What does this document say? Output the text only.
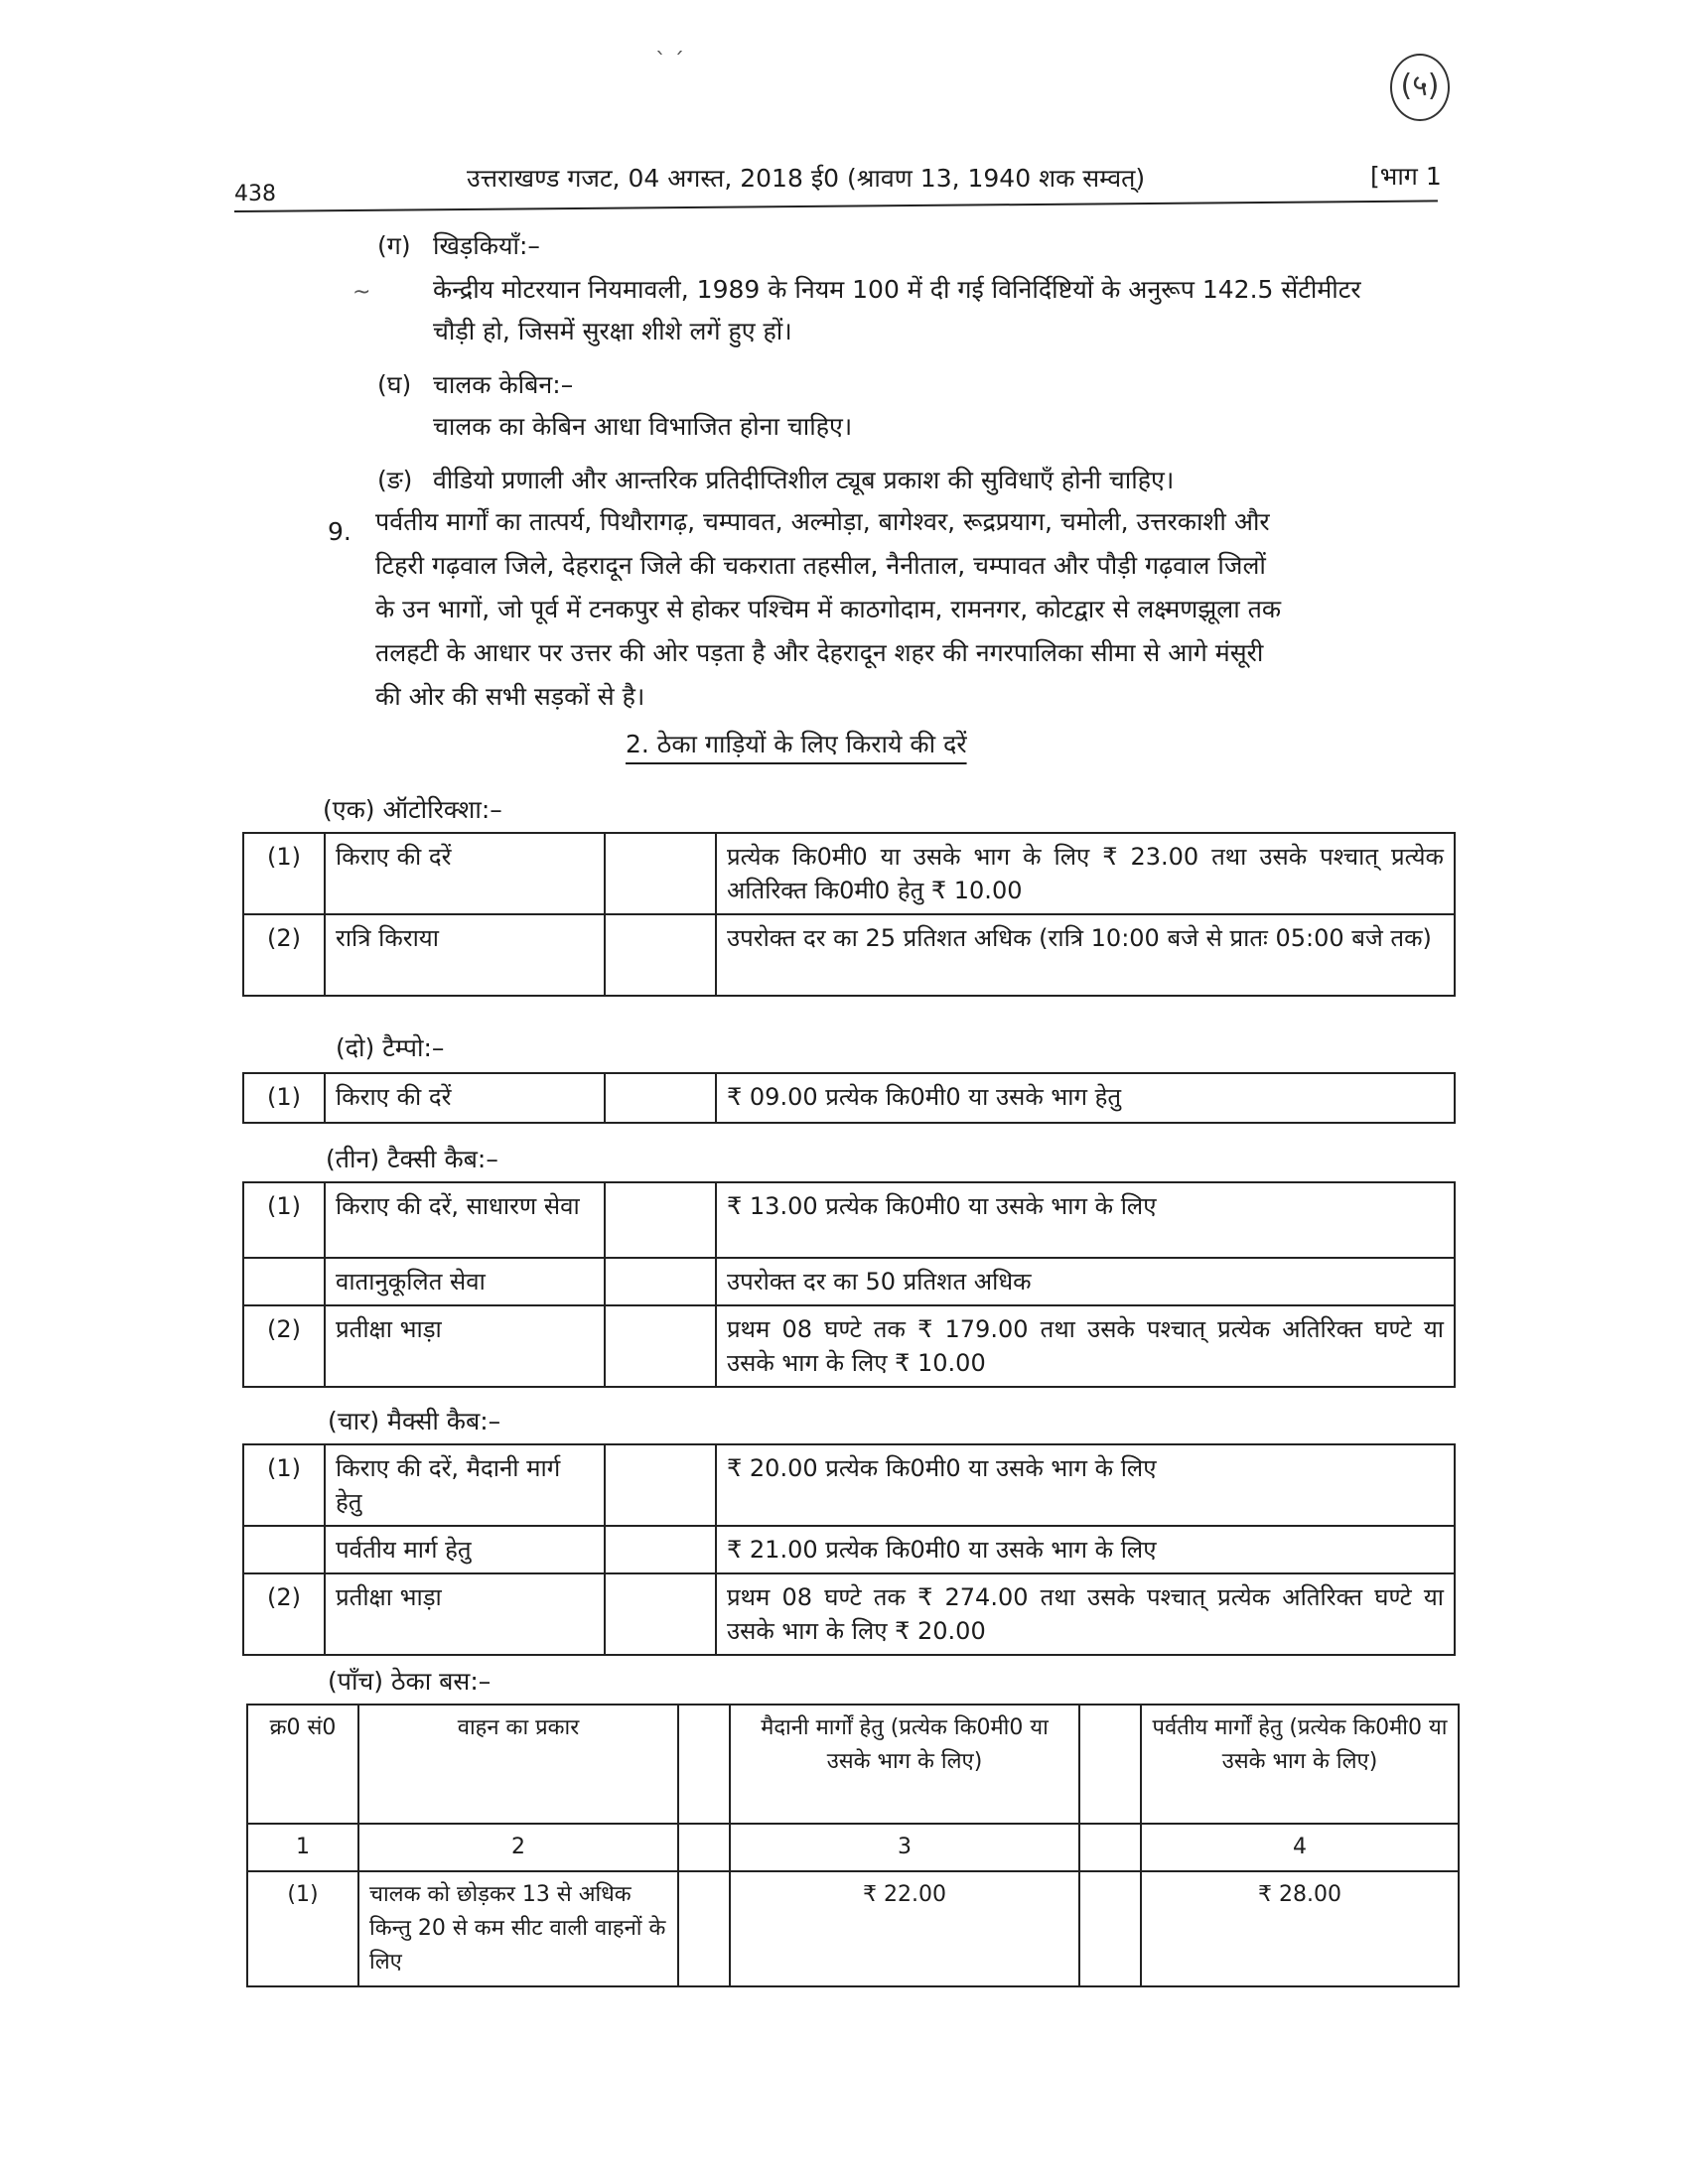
(५)
ˋ ˊ
438
उत्तराखण्ड गजट, 04 अगस्त, 2018 ई0 (श्रावण 13, 1940 शक सम्वत्)	[भाग 1
(ग) खिड़कियाँ:–
~	केन्द्रीय मोटरयान नियमावली, 1989 के नियम 100 में दी गई विनिर्दिष्टियों के अनुरूप 142.5 सेंटीमीटर
चौड़ी हो, जिसमें सुरक्षा शीशे लगें हुए हों।
(घ) चालक केबिन:–
चालक का केबिन आधा विभाजित होना चाहिए।
(ङ) वीडियो प्रणाली और आन्तरिक प्रतिदीप्तिशील ट्यूब प्रकाश की सुविधाएँ होनी चाहिए।
9. पर्वतीय मार्गों का तात्पर्य, पिथौरागढ़, चम्पावत, अल्मोड़ा, बागेश्वर, रूद्रप्रयाग, चमोली, उत्तरकाशी और
टिहरी गढ़वाल जिले, देहरादून जिले की चकराता तहसील, नैनीताल, चम्पावत और पौड़ी गढ़वाल जिलों
के उन भागों, जो पूर्व में टनकपुर से होकर पश्चिम में काठगोदाम, रामनगर, कोटद्वार से लक्ष्मणझूला तक
तलहटी के आधार पर उत्तर की ओर पड़ता है और देहरादून शहर की नगरपालिका सीमा से आगे मंसूरी
की ओर की सभी सड़कों से है।
2. ठेका गाड़ियों के लिए किराये की दरें
(एक) ऑटोरिक्शा:–
(1)	किराए की दरें		प्रत्येक कि0मी0 या उसके भाग के लिए ₹ 23.00 तथा उसके पश्चात् प्रत्येक अतिरिक्त कि0मी0 हेतु ₹ 10.00
(2)	रात्रि किराया		उपरोक्त दर का 25 प्रतिशत अधिक (रात्रि 10:00 बजे से प्रातः 05:00 बजे तक)
(दो) टैम्पो:–
(1)	किराए की दरें		₹ 09.00 प्रत्येक कि0मी0 या उसके भाग हेतु
(तीन) टैक्सी कैब:–
(1)	किराए की दरें, साधारण सेवा		₹ 13.00 प्रत्येक कि0मी0 या उसके भाग के लिए
	वातानुकूलित सेवा		उपरोक्त दर का 50 प्रतिशत अधिक
(2)	प्रतीक्षा भाड़ा		प्रथम 08 घण्टे तक ₹ 179.00 तथा उसके पश्चात् प्रत्येक अतिरिक्त घण्टे या उसके भाग के लिए ₹ 10.00
(चार) मैक्सी कैब:–
(1)	किराए की दरें, मैदानी मार्ग हेतु		₹ 20.00 प्रत्येक कि0मी0 या उसके भाग के लिए
	पर्वतीय मार्ग हेतु		₹ 21.00 प्रत्येक कि0मी0 या उसके भाग के लिए
(2)	प्रतीक्षा भाड़ा		प्रथम 08 घण्टे तक ₹ 274.00 तथा उसके पश्चात् प्रत्येक अतिरिक्त घण्टे या उसके भाग के लिए ₹ 20.00
(पाँच) ठेका बस:–
क्र0 सं0	वाहन का प्रकार		मैदानी मार्गों हेतु (प्रत्येक कि0मी0 या उसके भाग के लिए)		पर्वतीय मार्गों हेतु (प्रत्येक कि0मी0 या उसके भाग के लिए)
1	2		3		4
(1)	चालक को छोड़कर 13 से अधिक किन्तु 20 से कम सीट वाली वाहनों के लिए		₹ 22.00		₹ 28.00
